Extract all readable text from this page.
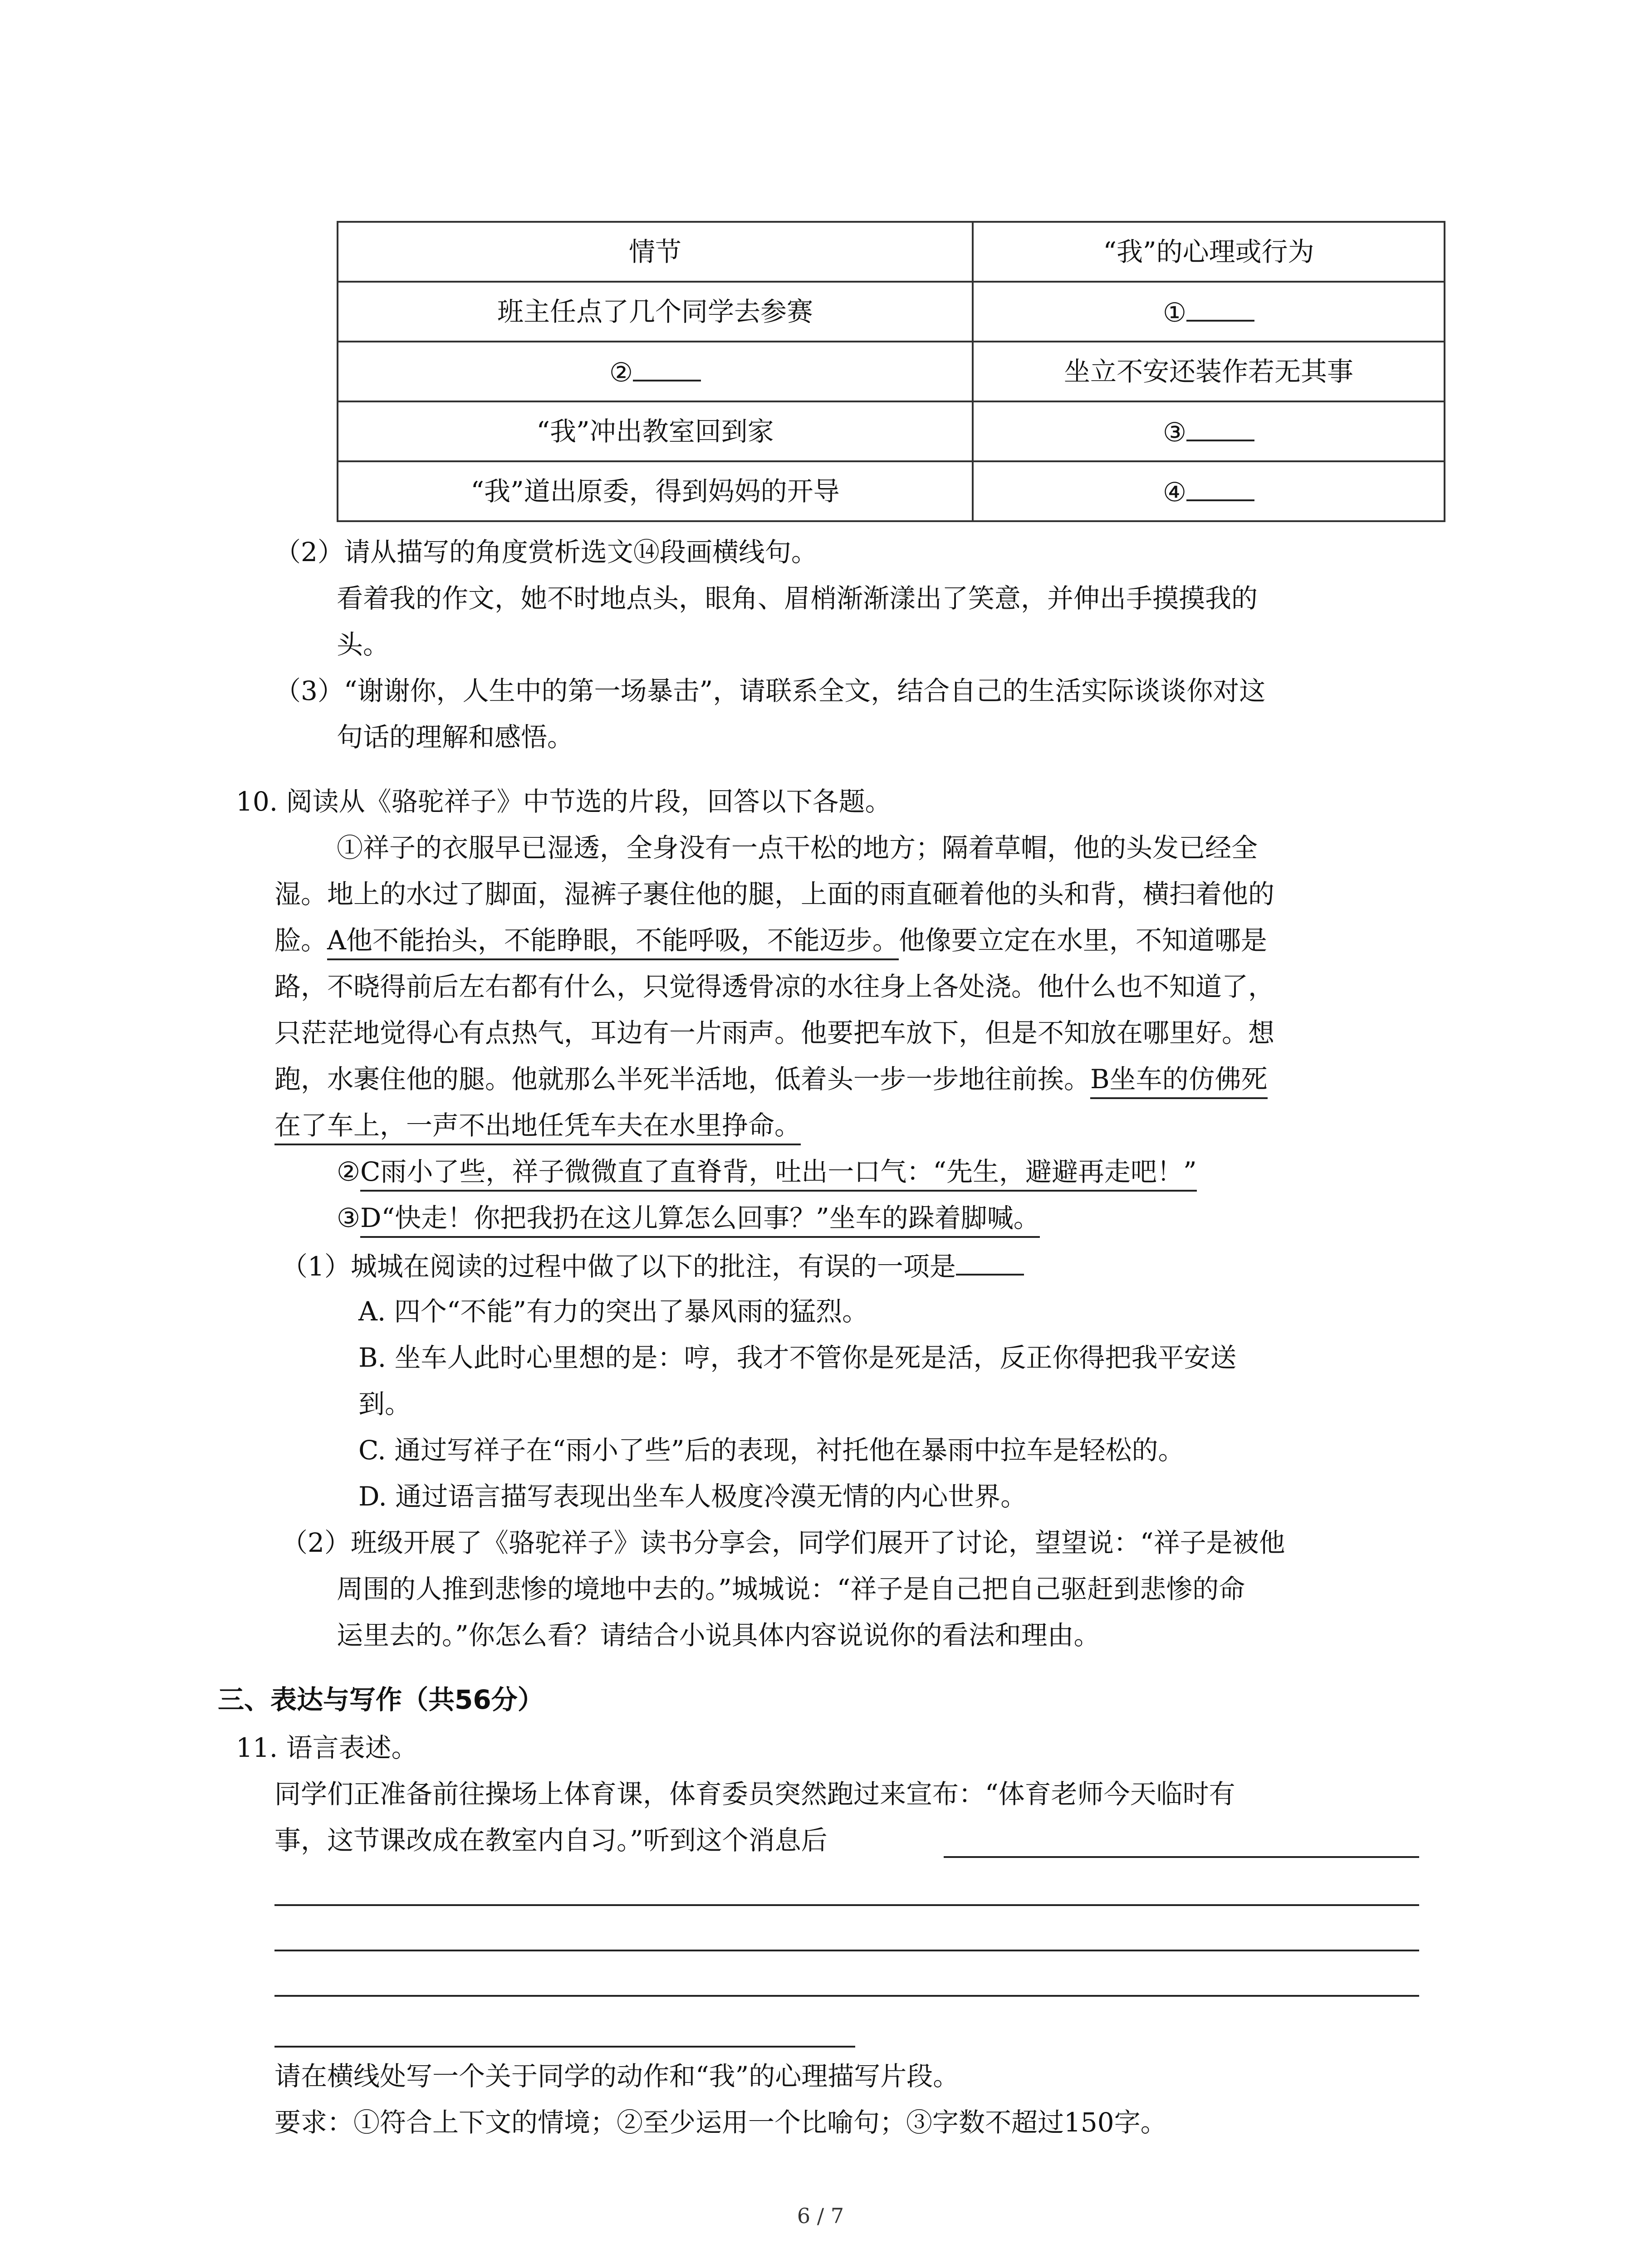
情节	“我”的心理或行为
班主任点了几个同学去参赛	①
②	坐立不安还装作若无其事
“我”冲出教室回到家	③
“我”道出原委，得到妈妈的开导	④
（2）请从描写的角度赏析选文⑭段画横线句。
看着我的作文，她不时地点头，眼角、眉梢渐渐漾出了笑意，并伸出手摸摸我的
头。
（3）“谢谢你，人生中的第一场暴击”，请联系全文，结合自己的生活实际谈谈你对这
句话的理解和感悟。
10. 阅读从《骆驼祥子》中节选的片段，回答以下各题。
①祥子的衣服早已湿透，全身没有一点干松的地方；隔着草帽，他的头发已经全
湿。地上的水过了脚面，湿裤子裹住他的腿，上面的雨直砸着他的头和背，横扫着他的
脸。A他不能抬头，不能睁眼，不能呼吸，不能迈步。他像要立定在水里，不知道哪是
路，不晓得前后左右都有什么，只觉得透骨凉的水往身上各处浇。他什么也不知道了，
只茫茫地觉得心有点热气，耳边有一片雨声。他要把车放下，但是不知放在哪里好。想
跑，水裹住他的腿。他就那么半死半活地，低着头一步一步地往前挨。B坐车的仿佛死
在了车上，一声不出地任凭车夫在水里挣命。
②C雨小了些，祥子微微直了直脊背，吐出一口气：“先生，避避再走吧！”
③D“快走！你把我扔在这儿算怎么回事？”坐车的跺着脚喊。
（1）城城在阅读的过程中做了以下的批注，有误的一项是
A. 四个“不能”有力的突出了暴风雨的猛烈。
B. 坐车人此时心里想的是：哼，我才不管你是死是活，反正你得把我平安送
到。
C. 通过写祥子在“雨小了些”后的表现，衬托他在暴雨中拉车是轻松的。
D. 通过语言描写表现出坐车人极度冷漠无情的内心世界。
（2）班级开展了《骆驼祥子》读书分享会，同学们展开了讨论，望望说：“祥子是被他
周围的人推到悲惨的境地中去的。”城城说：“祥子是自己把自己驱赶到悲惨的命
运里去的。”你怎么看？请结合小说具体内容说说你的看法和理由。
三、表达与写作（共56分）
11. 语言表述。
同学们正准备前往操场上体育课，体育委员突然跑过来宣布：“体育老师今天临时有
事，这节课改成在教室内自习。”听到这个消息后
请在横线处写一个关于同学的动作和“我”的心理描写片段。
要求：①符合上下文的情境；②至少运用一个比喻句；③字数不超过150字。
6 / 7
